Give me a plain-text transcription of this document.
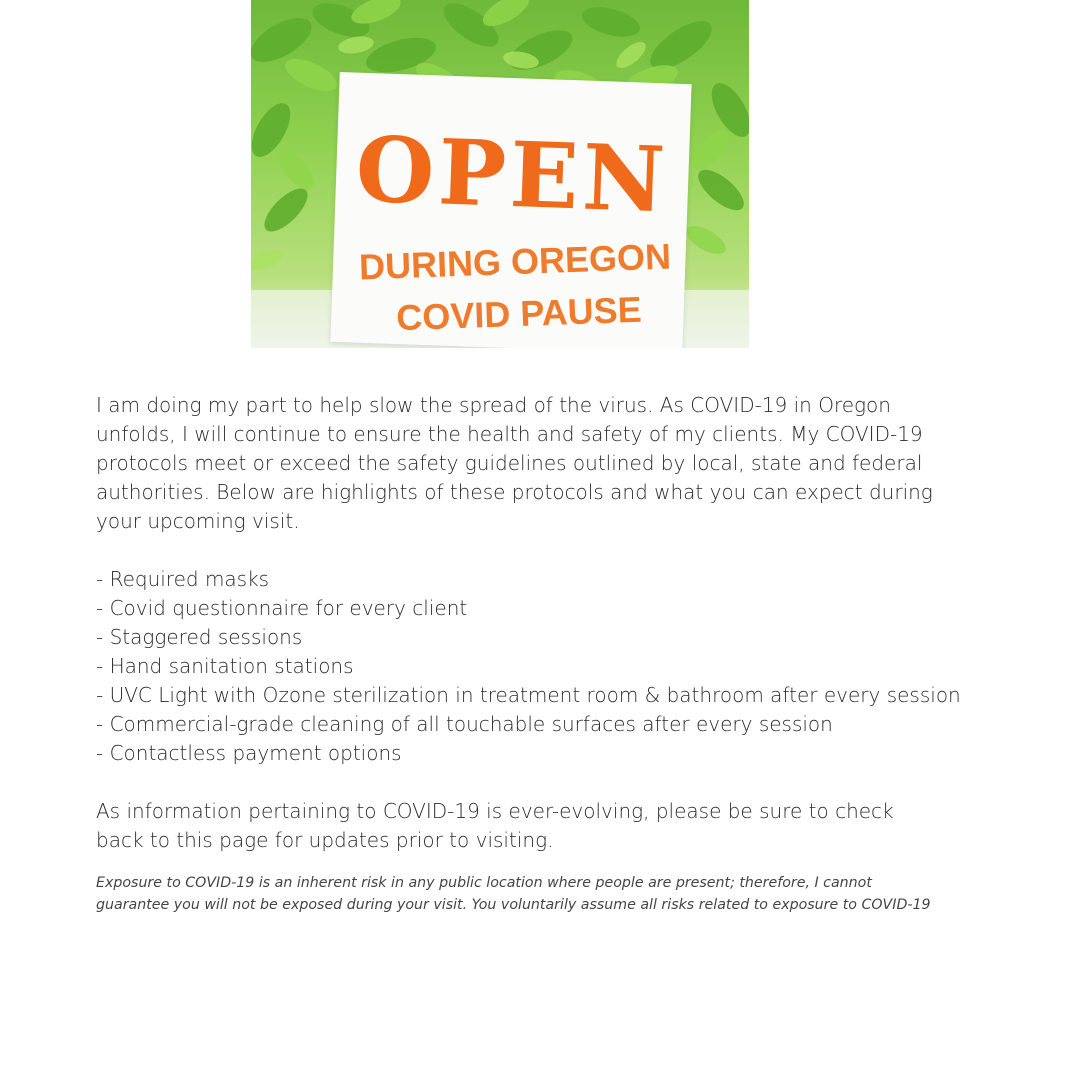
OPEN
DURING OREGON
COVID PAUSE

I am doing my part to help slow the spread of the virus. As COVID-19 in Oregon unfolds, I will continue to ensure the health and safety of my clients. My COVID-19 protocols meet or exceed the safety guidelines outlined by local, state and federal authorities. Below are highlights of these protocols and what you can expect during your upcoming visit.

- Required masks
- Covid questionnaire for every client
- Staggered sessions
- Hand sanitation stations
- UVC Light with Ozone sterilization in treatment room & bathroom after every session
- Commercial-grade cleaning of all touchable surfaces after every session
- Contactless payment options

As information pertaining to COVID-19 is ever-evolving, please be sure to check back to this page for updates prior to visiting.

Exposure to COVID-19 is an inherent risk in any public location where people are present; therefore, I cannot guarantee you will not be exposed during your visit. You voluntarily assume all risks related to exposure to COVID-19
